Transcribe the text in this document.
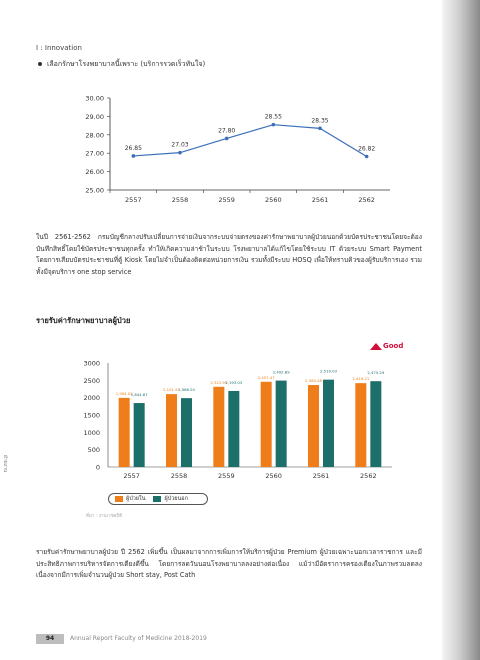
I : Innovation
เลือกรักษาโรงพยาบาลนี้เพราะ (บริการรวดเร็วทันใจ)
25.00
26.00
27.00
28.00
29.00
30.00
2557	2558	2559	2560	2561	2562
26.85	27.03
27.80
28.55
28.35
26.82
ในปี 2561-2562 กรมบัญชีกลางปรับเปลี่ยนการจ่ายเงินจากระบบจ่ายตรงของค่ารักษาพยาบาลผู้ป่วยนอกด้วยบัตรประชาชนโดยจะต้องบันทึกสิทธิ์โดยใช้บัตรประชาชนทุกครั้ง ทำให้เกิดความล่าช้าในระบบ โรงพยาบาลได้แก้ไขโดยใช้ระบบ IT ด้วยระบบ Smart Payment โดยการเสียบบัตรประชาชนที่ตู้ Kiosk โดยไม่จำเป็นต้องติดต่อหน่วยการเงิน รวมทั้งมีระบบ HOSQ เพื่อให้ทราบคิวของผู้รับบริการเอง รวมทั้งมีจุดบริการ one stop service
รายรับค่ารักษาพยาบาลผู้ป่วย
Good
0
500
1000
1500
2000
2500
3000
2557
1,994.02
1,844.67
2558
2,101.97
1,986.20
2559
2,312.95
2,193.03
2560
2,457.47
2,492.89
2561
2,364.48
2,519.03
2562
2,419.21
2,475.29
ผู้ป่วยใน	ผู้ป่วยนอก
ที่มา : งานเวชสถิติ
ฝ่ายงาน
รายรับค่ารักษาพยาบาลผู้ป่วย ปี 2562 เพิ่มขึ้น เป็นผลมาจากการเพิ่มการให้บริการผู้ป่วย Premium ผู้ป่วยเฉพาะนอกเวลาราชการ และมีประสิทธิภาพการบริหารจัดการเตียงดีขึ้น โดยการลดวันนอนโรงพยาบาลลงอย่างต่อเนื่อง แม้ว่ามีอัตราการครองเตียงในภาพรวมลดลง เนื่องจากมีการเพิ่มจำนวนผู้ป่วย Short stay, Post Cath
94	Annual Report Faculty of Medicine 2018-2019
